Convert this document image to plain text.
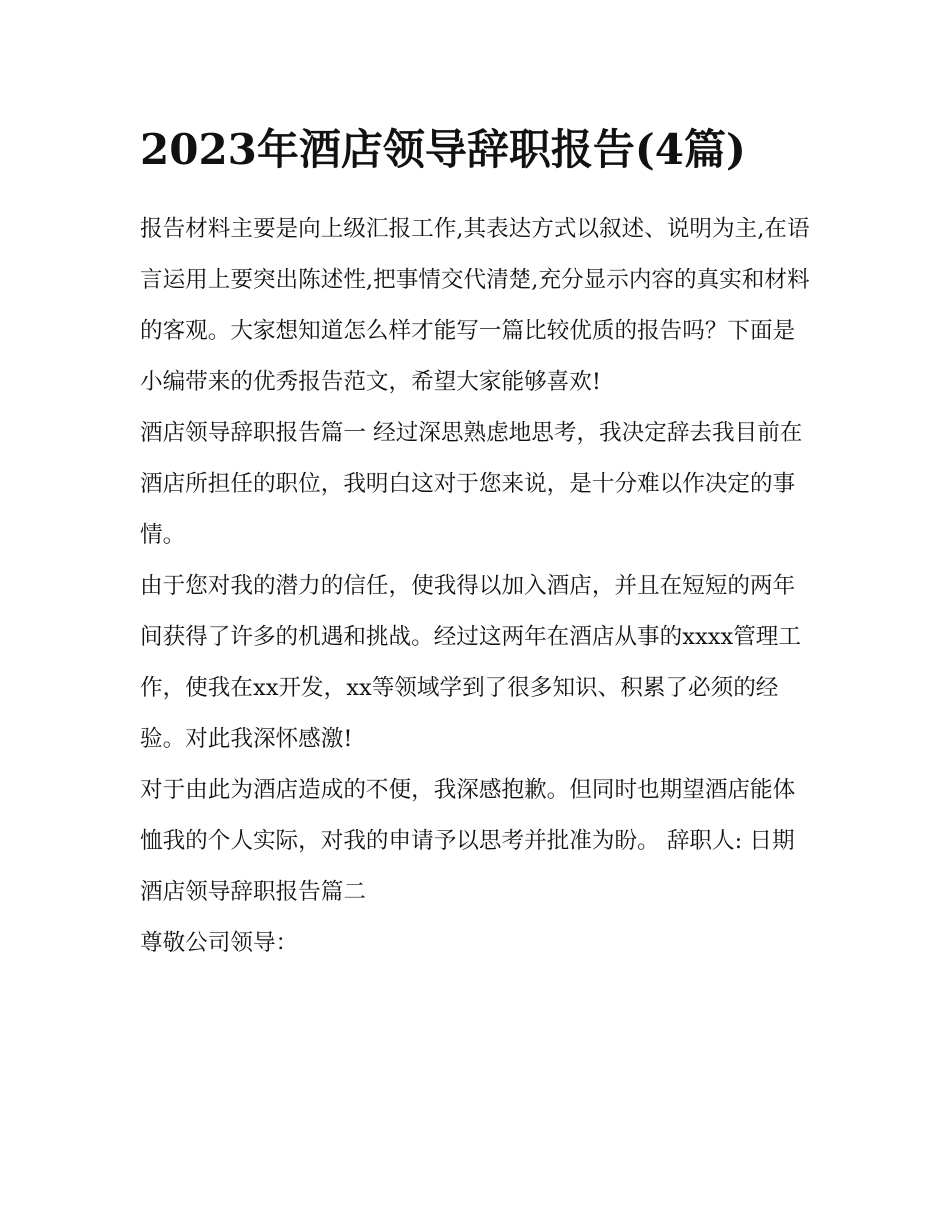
2023年酒店领导辞职报告(4篇)

报告材料主要是向上级汇报工作,其表达方式以叙述、说明为主,在语言运用上要突出陈述性,把事情交代清楚,充分显示内容的真实和材料的客观。大家想知道怎么样才能写一篇比较优质的报告吗？下面是小编带来的优秀报告范文，希望大家能够喜欢!

酒店领导辞职报告篇一 经过深思熟虑地思考，我决定辞去我目前在酒店所担任的职位，我明白这对于您来说，是十分难以作决定的事情。

由于您对我的潜力的信任，使我得以加入酒店，并且在短短的两年间获得了许多的机遇和挑战。经过这两年在酒店从事的xxxx管理工作，使我在xx开发，xx等领域学到了很多知识、积累了必须的经验。对此我深怀感激!

对于由此为酒店造成的不便，我深感抱歉。但同时也期望酒店能体恤我的个人实际，对我的申请予以思考并批准为盼。 辞职人: 日期 酒店领导辞职报告篇二

尊敬公司领导：
